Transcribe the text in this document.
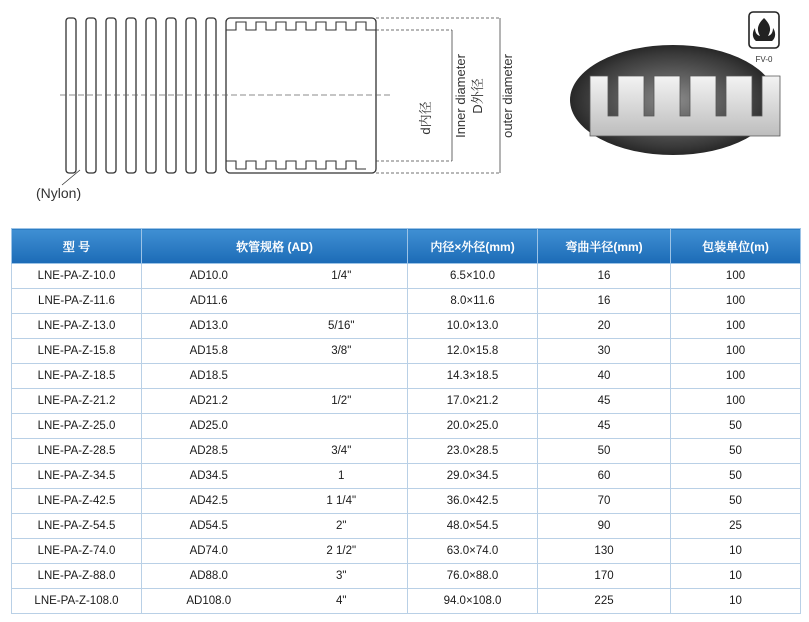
d内径 Inner diameter D外径 outer diameter
(Nylon)
FV-0
型 号	软管规格 (AD)		内径×外径(mm)	弯曲半径(mm)	包装单位(m)
LNE-PA-Z-10.0	AD10.0	1/4"	6.5×10.0	16	100
LNE-PA-Z-11.6	AD11.6		8.0×11.6	16	100
LNE-PA-Z-13.0	AD13.0	5/16"	10.0×13.0	20	100
LNE-PA-Z-15.8	AD15.8	3/8"	12.0×15.8	30	100
LNE-PA-Z-18.5	AD18.5		14.3×18.5	40	100
LNE-PA-Z-21.2	AD21.2	1/2"	17.0×21.2	45	100
LNE-PA-Z-25.0	AD25.0		20.0×25.0	45	50
LNE-PA-Z-28.5	AD28.5	3/4"	23.0×28.5	50	50
LNE-PA-Z-34.5	AD34.5	1	29.0×34.5	60	50
LNE-PA-Z-42.5	AD42.5	1 1/4"	36.0×42.5	70	50
LNE-PA-Z-54.5	AD54.5	2"	48.0×54.5	90	25
LNE-PA-Z-74.0	AD74.0	2 1/2"	63.0×74.0	130	10
LNE-PA-Z-88.0	AD88.0	3"	76.0×88.0	170	10
LNE-PA-Z-108.0	AD108.0	4"	94.0×108.0	225	10
